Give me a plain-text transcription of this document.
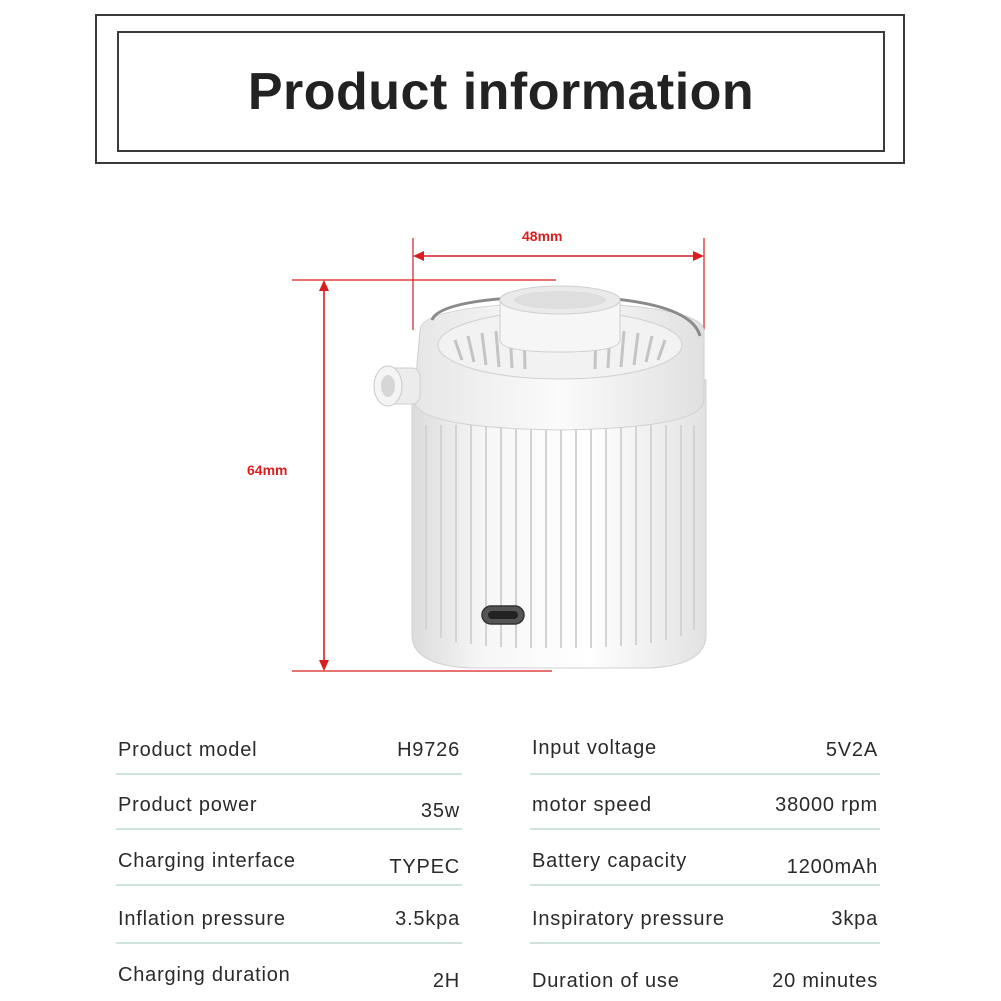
Product information
48mm
64mm
Product model	H9726	Input voltage	5V2A
Product power	35w	motor speed	38000 rpm
Charging interface	TYPEC	Battery capacity	1200mAh
Inflation pressure	3.5kpa	Inspiratory pressure	3kpa
Charging duration	2H	Duration of use	20 minutes
